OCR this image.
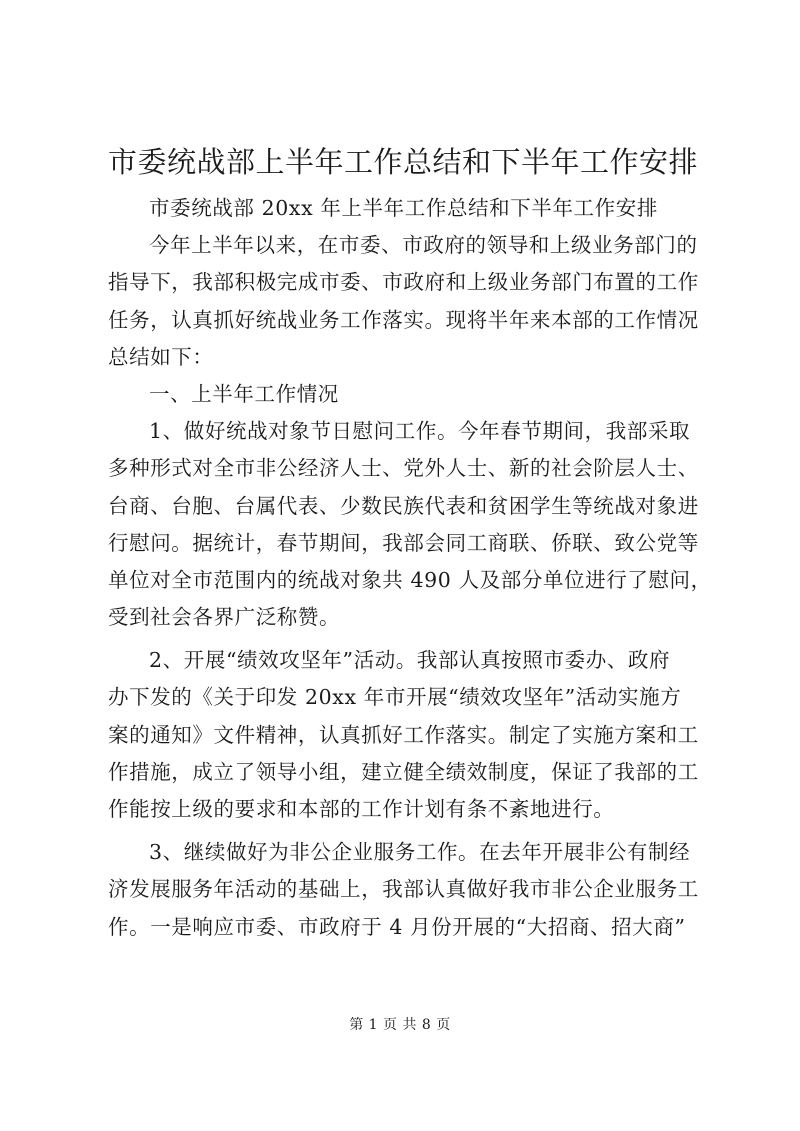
市委统战部上半年工作总结和下半年工作安排
市委统战部 20xx 年上半年工作总结和下半年工作安排
今年上半年以来，在市委、市政府的领导和上级业务部门的
指导下，我部积极完成市委、市政府和上级业务部门布置的工作
任务，认真抓好统战业务工作落实。现将半年来本部的工作情况
总结如下：
一、上半年工作情况
1、做好统战对象节日慰问工作。今年春节期间，我部采取
多种形式对全市非公经济人士、党外人士、新的社会阶层人士、
台商、台胞、台属代表、少数民族代表和贫困学生等统战对象进
行慰问。据统计，春节期间，我部会同工商联、侨联、致公党等
单位对全市范围内的统战对象共 490 人及部分单位进行了慰问，
受到社会各界广泛称赞。
2、开展“绩效攻坚年”活动。我部认真按照市委办、政府
办下发的《关于印发 20xx 年市开展“绩效攻坚年”活动实施方
案的通知》文件精神，认真抓好工作落实。制定了实施方案和工
作措施，成立了领导小组，建立健全绩效制度，保证了我部的工
作能按上级的要求和本部的工作计划有条不紊地进行。
3、继续做好为非公企业服务工作。在去年开展非公有制经
济发展服务年活动的基础上，我部认真做好我市非公企业服务工
作。一是响应市委、市政府于 4 月份开展的“大招商、招大商”
第 1 页 共 8 页
